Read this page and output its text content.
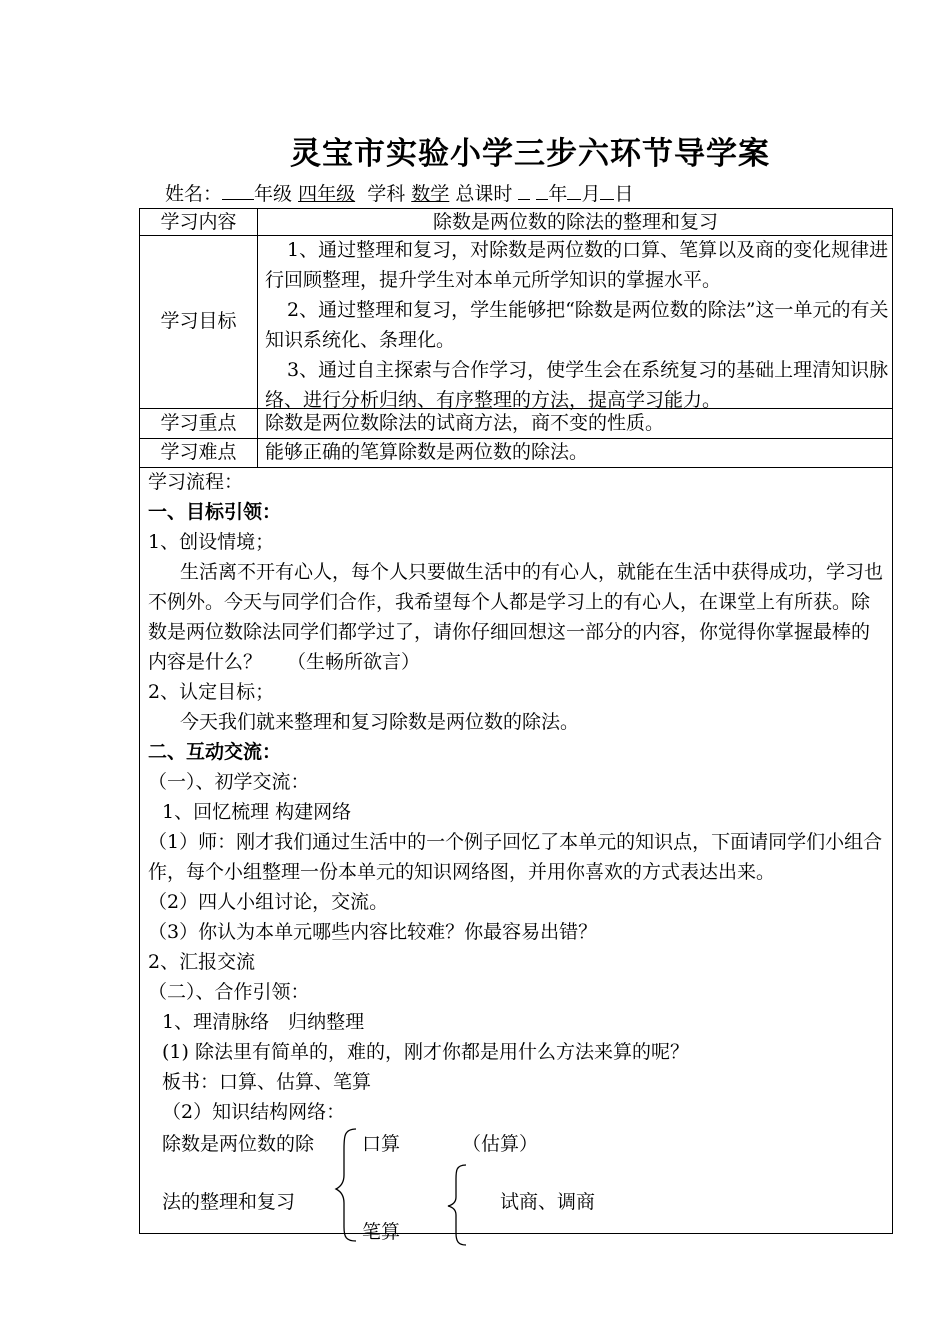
灵宝市实验小学三步六环节导学案
姓名： 年级 四年级 学科 数学 总课时 年 月 日
学习内容	除数是两位数的除法的整理和复习
学习目标
1、通过整理和复习，对除数是两位数的口算、笔算以及商的变化规律进行回顾整理，提升学生对本单元所学知识的掌握水平。
2、通过整理和复习，学生能够把“除数是两位数的除法”这一单元的有关知识系统化、条理化。
3、通过自主探索与合作学习，使学生会在系统复习的基础上理清知识脉络、进行分析归纳、有序整理的方法，提高学习能力。
学习重点	除数是两位数除法的试商方法，商不变的性质。
学习难点	能够正确的笔算除数是两位数的除法。

学习流程：

一、目标引领：

1、创设情境；

生活离不开有心人，每个人只要做生活中的有心人，就能在生活中获得成功，学习也不例外。今天与同学们合作，我希望每个人都是学习上的有心人，在课堂上有所获。除数是两位数除法同学们都学过了，请你仔细回想这一部分的内容，你觉得你掌握最棒的内容是什么？　 （生畅所欲言）

2、认定目标；

今天我们就来整理和复习除数是两位数的除法。

二、互动交流：

（一）、初学交流：

1、回忆梳理 构建网络

（1）师：刚才我们通过生活中的一个例子回忆了本单元的知识点，下面请同学们小组合作，每个小组整理一份本单元的知识网络图，并用你喜欢的方式表达出来。

（2）四人小组讨论，交流。

（3）你认为本单元哪些内容比较难？你最容易出错？

2、汇报交流

（二）、合作引领：

1、理清脉络　归纳整理

(1) 除法里有简单的，难的，刚才你都是用什么方法来算的呢？

板书：口算、估算、笔算

（2）知识结构网络：

除数是两位数的除
法的整理和复习
口算	（估算）
笔算
试商、调商
